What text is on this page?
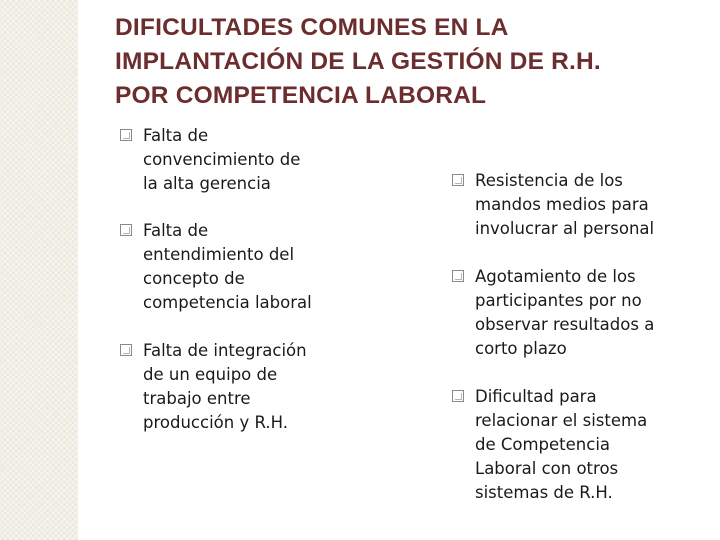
DIFICULTADES COMUNES EN LA
IMPLANTACIÓN DE LA GESTIÓN DE R.H.
POR COMPETENCIA LABORAL
Falta de
convencimiento de
la alta gerencia
Falta de
entendimiento del
concepto de
competencia laboral
Falta de integración
de un equipo de
trabajo entre
producción y R.H.
Resistencia de los
mandos medios para
involucrar al personal
Agotamiento de los
participantes por no
observar resultados a
corto plazo
Dificultad para
relacionar el sistema
de Competencia
Laboral con otros
sistemas de R.H.
